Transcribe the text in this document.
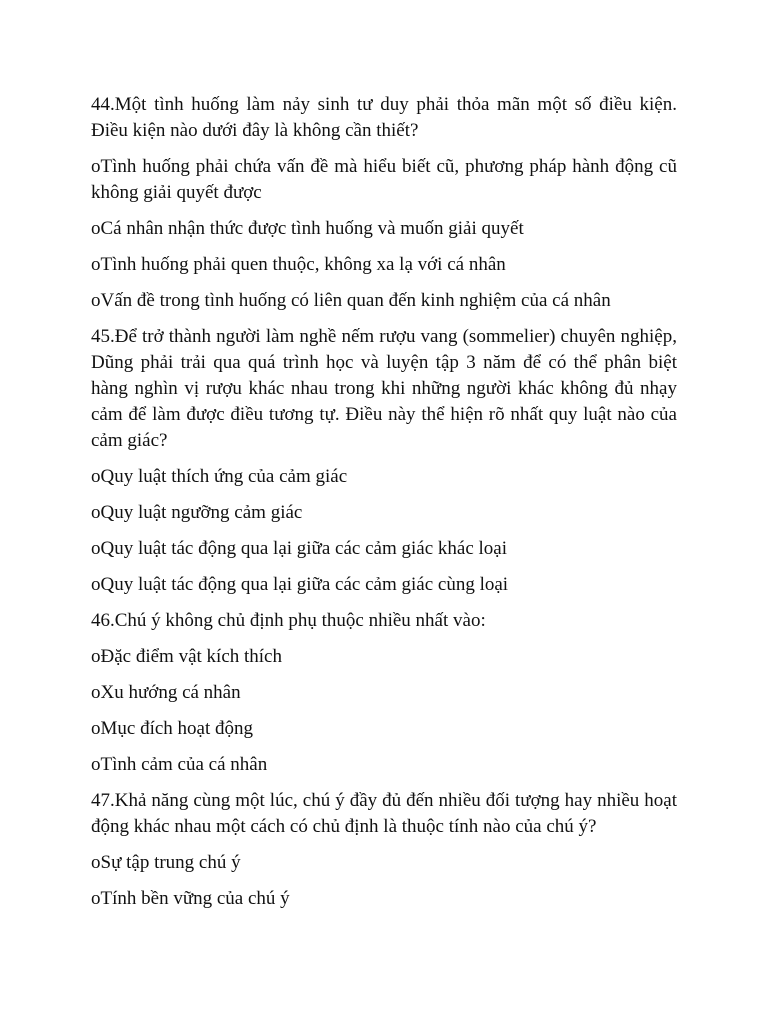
44.Một tình huống làm nảy sinh tư duy phải thỏa mãn một số điều kiện. Điều kiện nào dưới đây là không cần thiết?

oTình huống phải chứa vấn đề mà hiểu biết cũ, phương pháp hành động cũ không giải quyết được

oCá nhân nhận thức được tình huống và muốn giải quyết

oTình huống phải quen thuộc, không xa lạ với cá nhân

oVấn đề trong tình huống có liên quan đến kinh nghiệm của cá nhân

45.Để trở thành người làm nghề nếm rượu vang (sommelier) chuyên nghiệp, Dũng phải trải qua quá trình học và luyện tập 3 năm để có thể phân biệt hàng nghìn vị rượu khác nhau trong khi những người khác không đủ nhạy cảm để làm được điều tương tự. Điều này thể hiện rõ nhất quy luật nào của cảm giác?

oQuy luật thích ứng của cảm giác

oQuy luật ngưỡng cảm giác

oQuy luật tác động qua lại giữa các cảm giác khác loại

oQuy luật tác động qua lại giữa các cảm giác cùng loại

46.Chú ý không chủ định phụ thuộc nhiều nhất vào:

oĐặc điểm vật kích thích

oXu hướng cá nhân

oMục đích hoạt động

oTình cảm của cá nhân

47.Khả năng cùng một lúc, chú ý đầy đủ đến nhiều đối tượng hay nhiều hoạt động khác nhau một cách có chủ định là thuộc tính nào của chú ý?

oSự tập trung chú ý

oTính bền vững của chú ý
